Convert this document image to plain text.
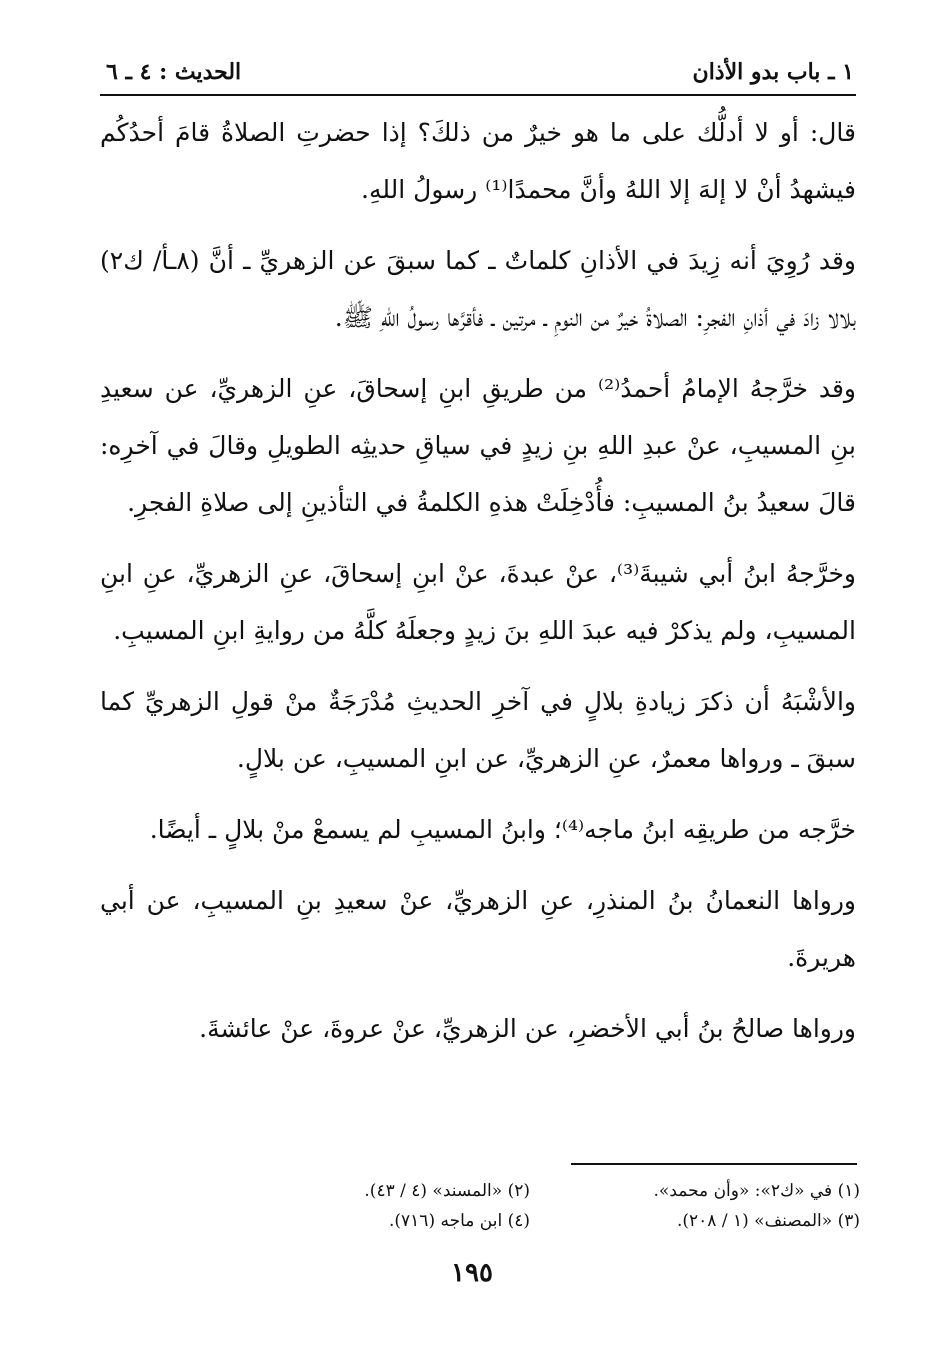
١ ـ باب بدو الأذان
الحديث : ٤ ـ ٦

قال: أو لا أدلُّك على ما هو خيرٌ من ذلكَ؟ إذا حضرتِ الصلاةُ قامَ أحدُكُم فيشهدُ أنْ لا إلهَ إلا اللهُ وأنَّ محمدًا⁽¹⁾ رسولُ اللهِ.

وقد رُوِيَ أنه زِيدَ في الأذانِ كلماتٌ ـ كما سبقَ عن الزهريِّ ـ أنَّ (٨ـأ/ ك٢) بلالا زادَ في أذانِ الفجرِ: الصلاةُ خيرٌ من النومِ ـ مرتين ـ فأقرَّها رسولُ اللهِ ﷺ.

وقد خرَّجهُ الإمامُ أحمدُ⁽²⁾ من طريقِ ابنِ إسحاقَ، عنِ الزهريِّ، عن سعيدِ بنِ المسيبِ، عنْ عبدِ اللهِ بنِ زيدٍ في سياقِ حديثِه الطويلِ وقالَ في آخرِه: قالَ سعيدُ بنُ المسيبِ: فأُدْخِلَتْ هذهِ الكلمةُ في التأذينِ إلى صلاةِ الفجرِ.

وخرَّجهُ ابنُ أبي شيبةَ⁽³⁾، عنْ عبدةَ، عنْ ابنِ إسحاقَ، عنِ الزهريِّ، عنِ ابنِ المسيبِ، ولم يذكرْ فيه عبدَ اللهِ بنَ زيدٍ وجعلَهُ كلَّهُ من روايةِ ابنِ المسيبِ.

والأشْبَهُ أن ذكرَ زيادةِ بلالٍ في آخرِ الحديثِ مُدْرَجَةٌ منْ قولِ الزهريِّ كما سبقَ ـ ورواها معمرٌ، عنِ الزهريِّ، عن ابنِ المسيبِ، عن بلالٍ.

خرَّجه من طريقِه ابنُ ماجه⁽⁴⁾؛ وابنُ المسيبِ لم يسمعْ منْ بلالٍ ـ أيضًا.

ورواها النعمانُ بنُ المنذرِ، عنِ الزهريِّ، عنْ سعيدِ بنِ المسيبِ، عن أبي هريرةَ.

ورواها صالحُ بنُ أبي الأخضرِ، عن الزهريِّ، عنْ عروةَ، عنْ عائشةَ.

(١) في «ك٢»: «وأن محمد».
(٢) «المسند» (٤ / ٤٣).
(٣) «المصنف» (١ / ٢٠٨).
(٤) ابن ماجه (٧١٦).
١٩٥
